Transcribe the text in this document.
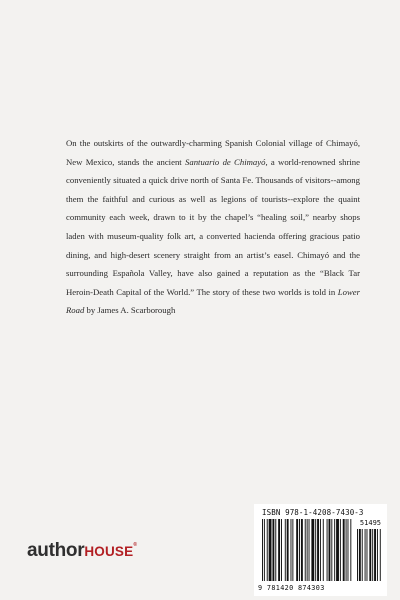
On the outskirts of the outwardly-charming Spanish Colonial village of Chimayó, New Mexico, stands the ancient Santuario de Chimayó, a world-renowned shrine conveniently situated a quick drive north of Santa Fe. Thousands of visitors--among them the faithful and curious as well as legions of tourists--explore the quaint community each week, drawn to it by the chapel’s “healing soil,” nearby shops laden with museum-quality folk art, a converted hacienda offering gracious patio dining, and high-desert scenery straight from an artist’s easel. Chimayó and the surrounding Española Valley, have also gained a reputation as the “Black Tar Heroin-Death Capital of the World.” The story of these two worlds is told in Lower Road by James A. Scarborough

authorHOUSE®
ISBN 978-1-4208-7430-3
51495
9 781420 874303
